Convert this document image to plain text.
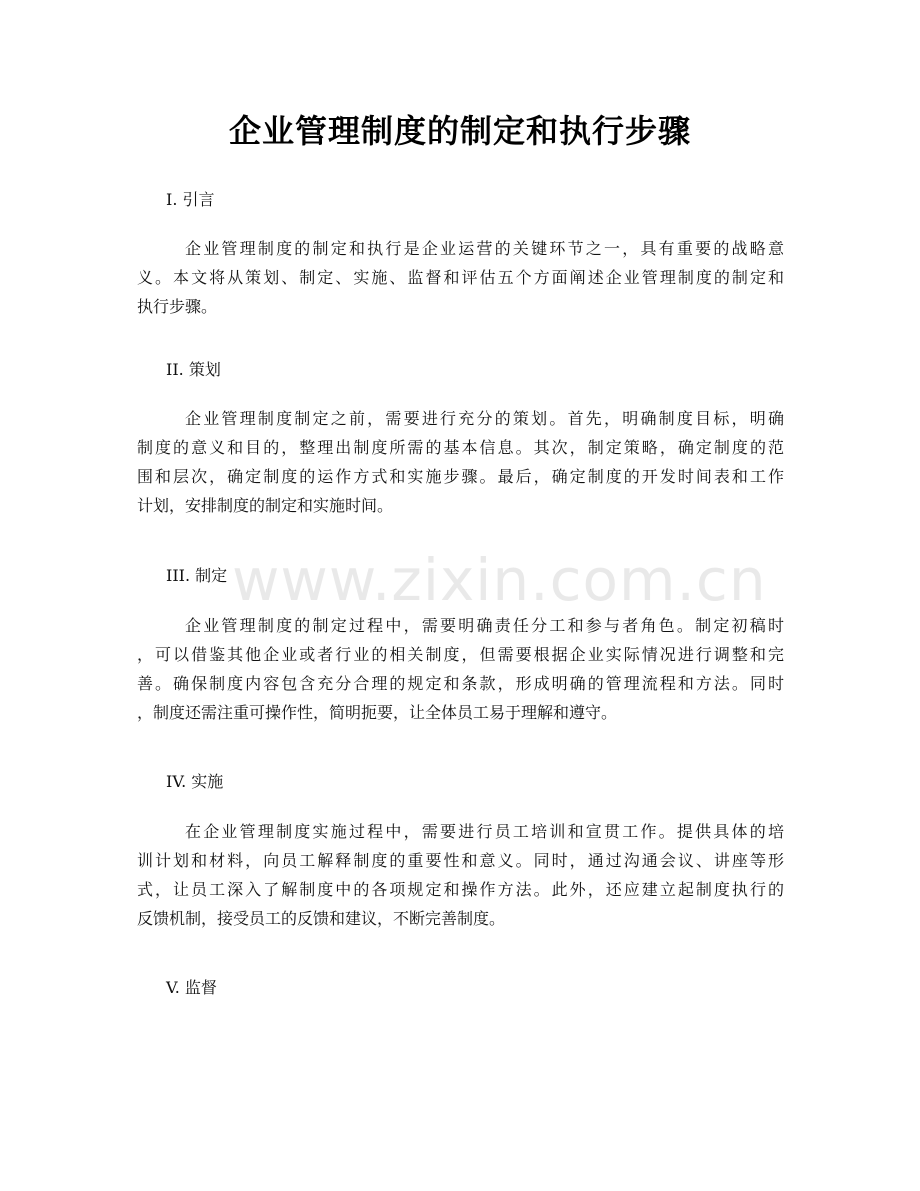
企业管理制度的制定和执行步骤
www.zixin.com.cn
I. 引言
企业管理制度的制定和执行是企业运营的关键环节之一，具有重要的战略意
义。本文将从策划、制定、实施、监督和评估五个方面阐述企业管理制度的制定和
执行步骤。
II. 策划
企业管理制度制定之前，需要进行充分的策划。首先，明确制度目标，明确
制度的意义和目的，整理出制度所需的基本信息。其次，制定策略，确定制度的范
围和层次，确定制度的运作方式和实施步骤。最后，确定制度的开发时间表和工作
计划，安排制度的制定和实施时间。
III. 制定
企业管理制度的制定过程中，需要明确责任分工和参与者角色。制定初稿时
，可以借鉴其他企业或者行业的相关制度，但需要根据企业实际情况进行调整和完
善。确保制度内容包含充分合理的规定和条款，形成明确的管理流程和方法。同时
，制度还需注重可操作性，简明扼要，让全体员工易于理解和遵守。
IV. 实施
在企业管理制度实施过程中，需要进行员工培训和宣贯工作。提供具体的培
训计划和材料，向员工解释制度的重要性和意义。同时，通过沟通会议、讲座等形
式，让员工深入了解制度中的各项规定和操作方法。此外，还应建立起制度执行的
反馈机制，接受员工的反馈和建议，不断完善制度。
V. 监督
